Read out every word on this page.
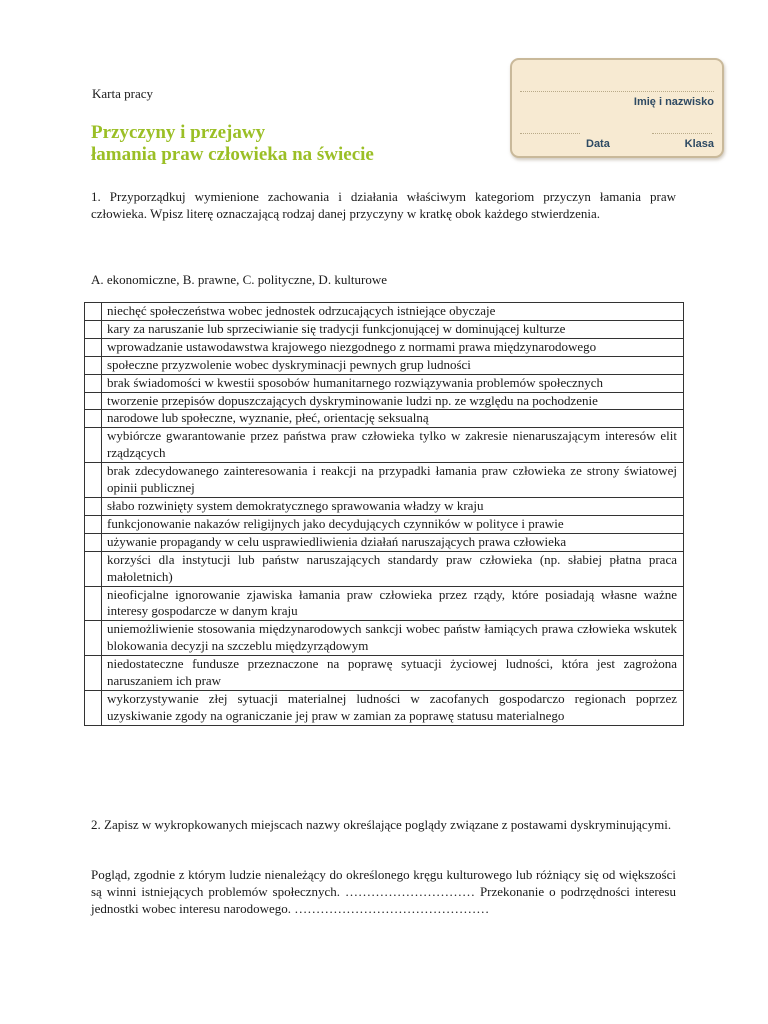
Karta pracy
Przyczyny i przejawy
łamania praw człowieka na świecie
Imię i nazwisko
Data	Klasa
1. Przyporządkuj wymienione zachowania i działania właściwym kategoriom przyczyn łamania praw człowieka. Wpisz literę oznaczającą rodzaj danej przyczyny w kratkę obok każdego stwierdzenia.
A. ekonomiczne, B. prawne, C. polityczne, D. kulturowe
	niechęć społeczeństwa wobec jednostek odrzucających istniejące obyczaje
	kary za naruszanie lub sprzeciwianie się tradycji funkcjonującej w dominującej kulturze
	wprowadzanie ustawodawstwa krajowego niezgodnego z normami prawa międzynarodowego
	społeczne przyzwolenie wobec dyskryminacji pewnych grup ludności
	brak świadomości w kwestii sposobów humanitarnego rozwiązywania problemów społecznych
	tworzenie przepisów dopuszczających dyskryminowanie ludzi np. ze względu na pochodzenie
	narodowe lub społeczne, wyznanie, płeć, orientację seksualną
	wybiórcze gwarantowanie przez państwa praw człowieka tylko w zakresie nienaruszającym interesów elit rządzących
	brak zdecydowanego zainteresowania i reakcji na przypadki łamania praw człowieka ze strony światowej opinii publicznej
	słabo rozwinięty system demokratycznego sprawowania władzy w kraju
	funkcjonowanie nakazów religijnych jako decydujących czynników w polityce i prawie
	używanie propagandy w celu usprawiedliwienia działań naruszających prawa człowieka
	korzyści dla instytucji lub państw naruszających standardy praw człowieka (np. słabiej płatna praca małoletnich)
	nieoficjalne ignorowanie zjawiska łamania praw człowieka przez rządy, które posiadają własne ważne interesy gospodarcze w danym kraju
	uniemożliwienie stosowania międzynarodowych sankcji wobec państw łamiących prawa człowieka wskutek blokowania decyzji na szczeblu międzyrządowym
	niedostateczne fundusze przeznaczone na poprawę sytuacji życiowej ludności, która jest zagrożona naruszaniem ich praw
	wykorzystywanie złej sytuacji materialnej ludności w zacofanych gospodarczo regionach poprzez uzyskiwanie zgody na ograniczanie jej praw w zamian za poprawę statusu materialnego
2. Zapisz w wykropkowanych miejscach nazwy określające poglądy związane z postawami dyskryminującymi.
Pogląd, zgodnie z którym ludzie nienależący do określonego kręgu kulturowego lub różniący się od większości są winni istniejących problemów społecznych. ………………………… Przekonanie o podrzędności interesu jednostki wobec interesu narodowego. ………………………………………
